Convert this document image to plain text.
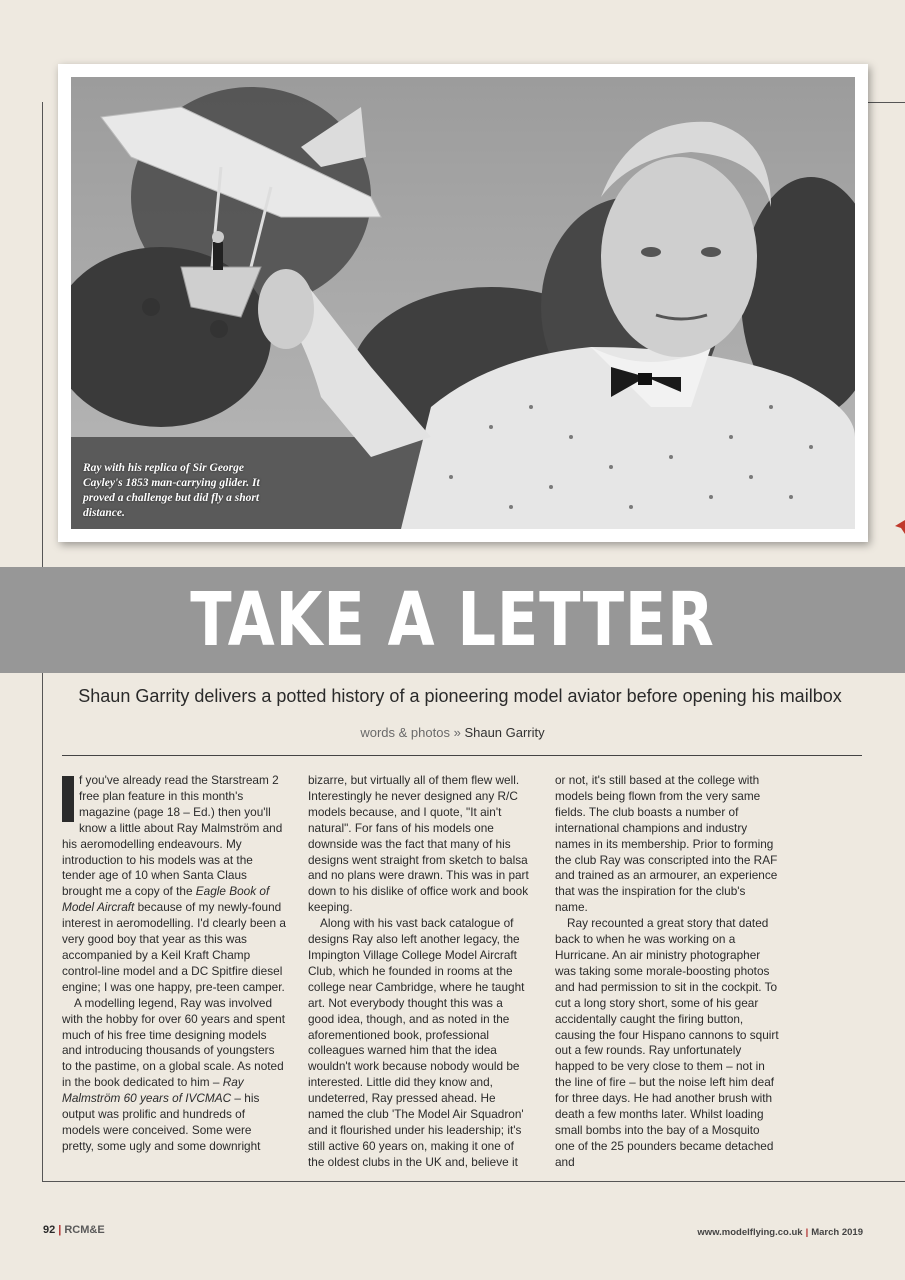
Ray with his replica of Sir George Cayley's 1853 man-carrying glider. It proved a challenge but did fly a short distance.
TAKE A LETTER
Shaun Garrity delivers a potted history of a pioneering model aviator before opening his mailbox
words & photos » Shaun Garrity

f you've already read the Starstream 2 free plan feature in this month's magazine (page 18 – Ed.) then you'll know a little about Ray Malmström and his aeromodelling endeavours. My introduction to his models was at the tender age of 10 when Santa Claus brought me a copy of the Eagle Book of Model Aircraft because of my newly-found interest in aeromodelling. I'd clearly been a very good boy that year as this was accompanied by a Keil Kraft Champ control-line model and a DC Spitfire diesel engine; I was one happy, pre-teen camper.

A modelling legend, Ray was involved with the hobby for over 60 years and spent much of his free time designing models and introducing thousands of youngsters to the pastime, on a global scale. As noted in the book dedicated to him – Ray Malmström 60 years of IVCMAC – his output was prolific and hundreds of models were conceived. Some were pretty, some ugly and some downright

bizarre, but virtually all of them flew well. Interestingly he never designed any R/C models because, and I quote, "It ain't natural". For fans of his models one downside was the fact that many of his designs went straight from sketch to balsa and no plans were drawn. This was in part down to his dislike of office work and book keeping.

Along with his vast back catalogue of designs Ray also left another legacy, the Impington Village College Model Aircraft Club, which he founded in rooms at the college near Cambridge, where he taught art. Not everybody thought this was a good idea, though, and as noted in the aforementioned book, professional colleagues warned him that the idea wouldn't work because nobody would be interested. Little did they know and, undeterred, Ray pressed ahead. He named the club 'The Model Air Squadron' and it flourished under his leadership; it's still active 60 years on, making it one of the oldest clubs in the UK and, believe it

or not, it's still based at the college with models being flown from the very same fields. The club boasts a number of international champions and industry names in its membership. Prior to forming the club Ray was conscripted into the RAF and trained as an armourer, an experience that was the inspiration for the club's name.

Ray recounted a great story that dated back to when he was working on a Hurricane. An air ministry photographer was taking some morale-boosting photos and had permission to sit in the cockpit. To cut a long story short, some of his gear accidentally caught the firing button, causing the four Hispano cannons to squirt out a few rounds. Ray unfortunately happed to be very close to them – not in the line of fire – but the noise left him deaf for three days. He had another brush with death a few months later. Whilst loading small bombs into the bay of a Mosquito one of the 25 pounders became detached and

92 | RCM&E	www.modelflying.co.uk | March 2019
